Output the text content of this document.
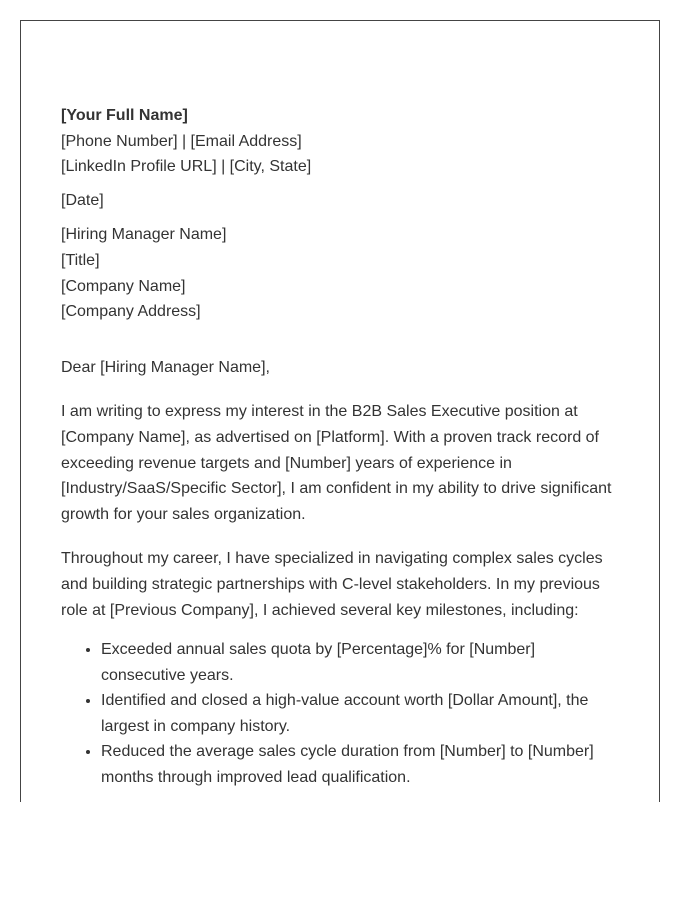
[Your Full Name]
[Phone Number] | [Email Address]
[LinkedIn Profile URL] | [City, State]
[Date]
[Hiring Manager Name]
[Title]
[Company Name]
[Company Address]

Dear [Hiring Manager Name],

I am writing to express my interest in the B2B Sales Executive position at [Company Name], as advertised on [Platform]. With a proven track record of exceeding revenue targets and [Number] years of experience in [Industry/SaaS/Specific Sector], I am confident in my ability to drive significant growth for your sales organization.

Throughout my career, I have specialized in navigating complex sales cycles and building strategic partnerships with C-level stakeholders. In my previous role at [Previous Company], I achieved several key milestones, including:

• Exceeded annual sales quota by [Percentage]% for [Number] consecutive years.
• Identified and closed a high-value account worth [Dollar Amount], the largest in company history.
• Reduced the average sales cycle duration from [Number] to [Number] months through improved lead qualification.
